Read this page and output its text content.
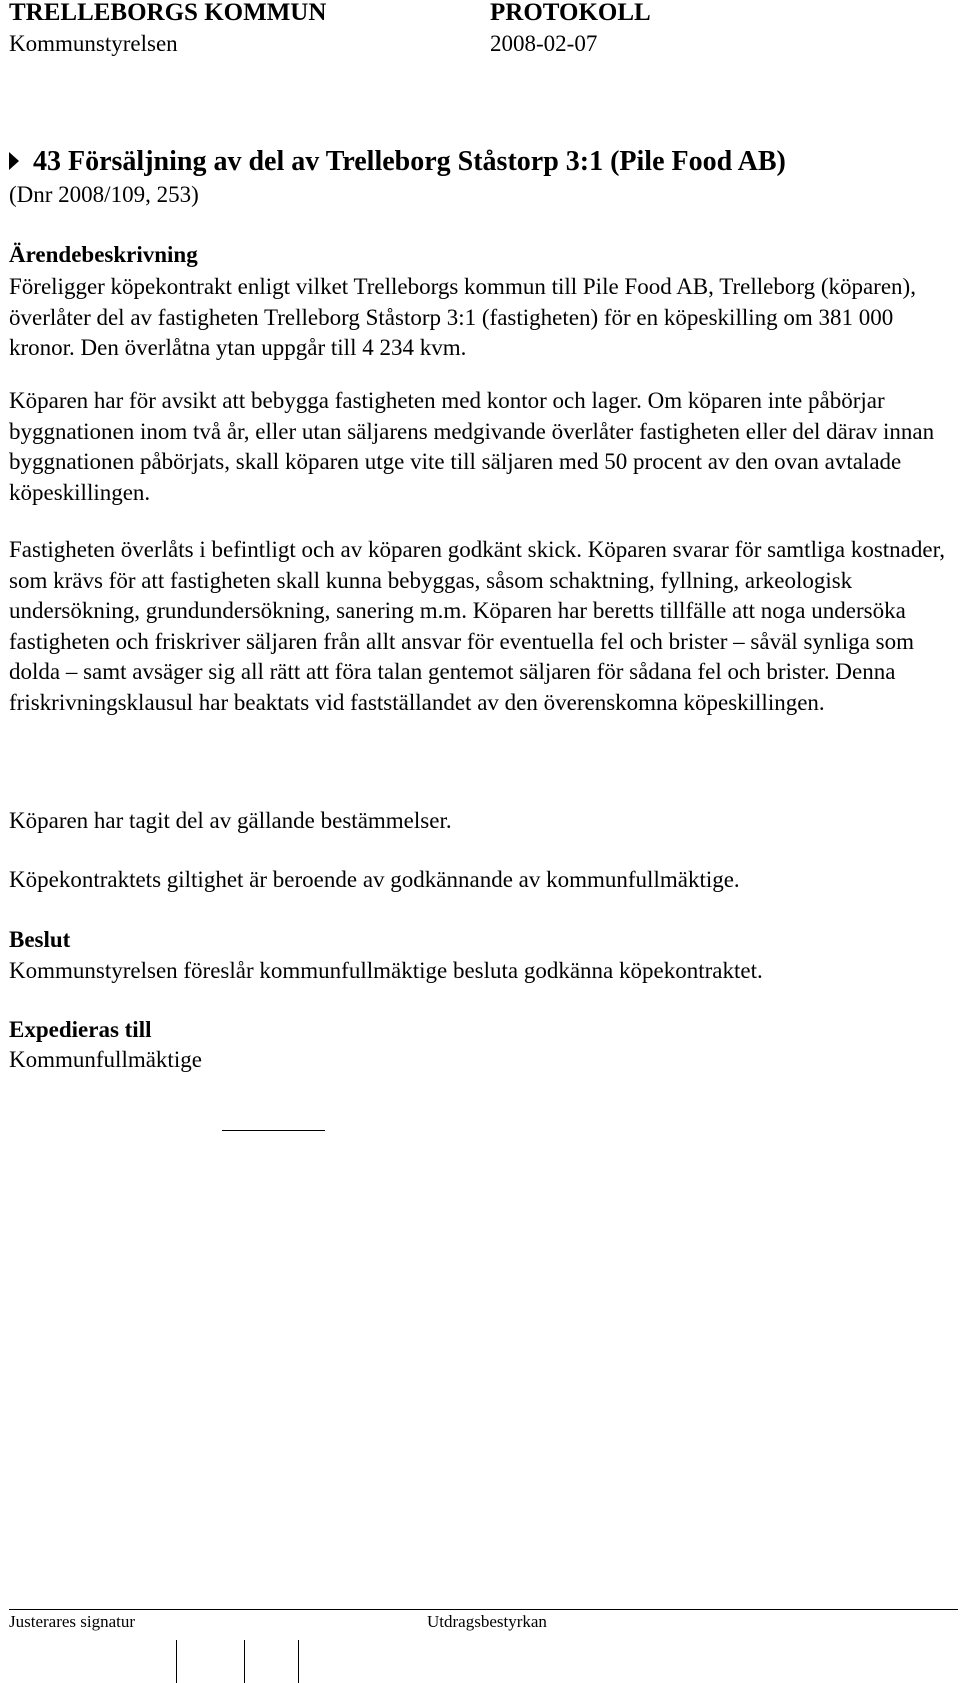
TRELLEBORGS KOMMUN	PROTOKOLL
Kommunstyrelsen	2008-02-07
43 Försäljning av del av Trelleborg Ståstorp 3:1 (Pile Food AB)
(Dnr 2008/109, 253)
Ärendebeskrivning

Föreligger köpekontrakt enligt vilket Trelleborgs kommun till Pile Food AB, Trelleborg (köparen), överlåter del av fastigheten Trelleborg Ståstorp 3:1 (fastigheten) för en köpeskilling om 381 000 kronor. Den överlåtna ytan uppgår till 4 234 kvm.

Köparen har för avsikt att bebygga fastigheten med kontor och lager. Om köparen inte påbörjar byggnationen inom två år, eller utan säljarens medgivande överlåter fastigheten eller del därav innan byggnationen påbörjats, skall köparen utge vite till säljaren med 50 procent av den ovan avtalade köpeskillingen.

Fastigheten överlåts i befintligt och av köparen godkänt skick. Köparen svarar för samtliga kostnader, som krävs för att fastigheten skall kunna bebyggas, såsom schaktning, fyllning, arkeologisk undersökning, grundundersökning, sanering m.m. Köparen har beretts tillfälle att noga undersöka fastigheten och friskriver säljaren från allt ansvar för eventuella fel och brister – såväl synliga som dolda – samt avsäger sig all rätt att föra talan gentemot säljaren för sådana fel och brister. Denna friskrivningsklausul har beaktats vid fastställandet av den överenskomna köpeskillingen.

Köparen har tagit del av gällande bestämmelser.

Köpekontraktets giltighet är beroende av godkännande av kommunfullmäktige.

Beslut
Kommunstyrelsen föreslår kommunfullmäktige besluta godkänna köpekontraktet.
Expedieras till
Kommunfullmäktige
Justerares signatur	Utdragsbestyrkan
